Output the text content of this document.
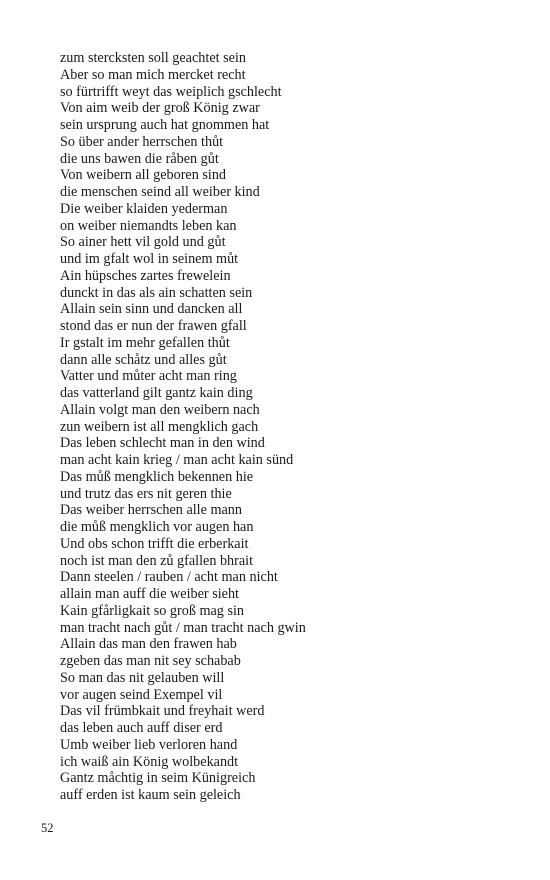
zum stercksten soll geachtet sein
Aber so man mich mercket recht
so fürtrifft weyt das weiplich gschlecht
Von aim weib der groß König zwar
sein ursprung auch hat gnommen hat
So über ander herrschen thůt
die uns bawen die råben gůt
Von weibern all geboren sind
die menschen seind all weiber kind
Die weiber klaiden yederman
on weiber niemandts leben kan
So ainer hett vil gold und gůt
und im gfalt wol in seinem můt
Ain hüpsches zartes frewelein
dunckt in das als ain schatten sein
Allain sein sinn und dancken all
stond das er nun der frawen gfall
Ir gstalt im mehr gefallen thůt
dann alle schåtz und alles gůt
Vatter und můter acht man ring
das vatterland gilt gantz kain ding
Allain volgt man den weibern nach
zun weibern ist all mengklich gach
Das leben schlecht man in den wind
man acht kain krieg / man acht kain sünd
Das můß mengklich bekennen hie
und trutz das ers nit geren thie
Das weiber herrschen alle mann
die můß mengklich vor augen han
Und obs schon trifft die erberkait
noch ist man den zů gfallen bhrait
Dann steelen / rauben / acht man nicht
allain man auff die weiber sieht
Kain gfårligkait so groß mag sin
man tracht nach gůt / man tracht nach gwin
Allain das man den frawen hab
zgeben das man nit sey schabab
So man das nit gelauben will
vor augen seind Exempel vil
Das vil frümbkait und freyhait werd
das leben auch auff diser erd
Umb weiber lieb verloren hand
ich waiß ain König wolbekandt
Gantz måchtig in seim Künigreich
auff erden ist kaum sein geleich
52
